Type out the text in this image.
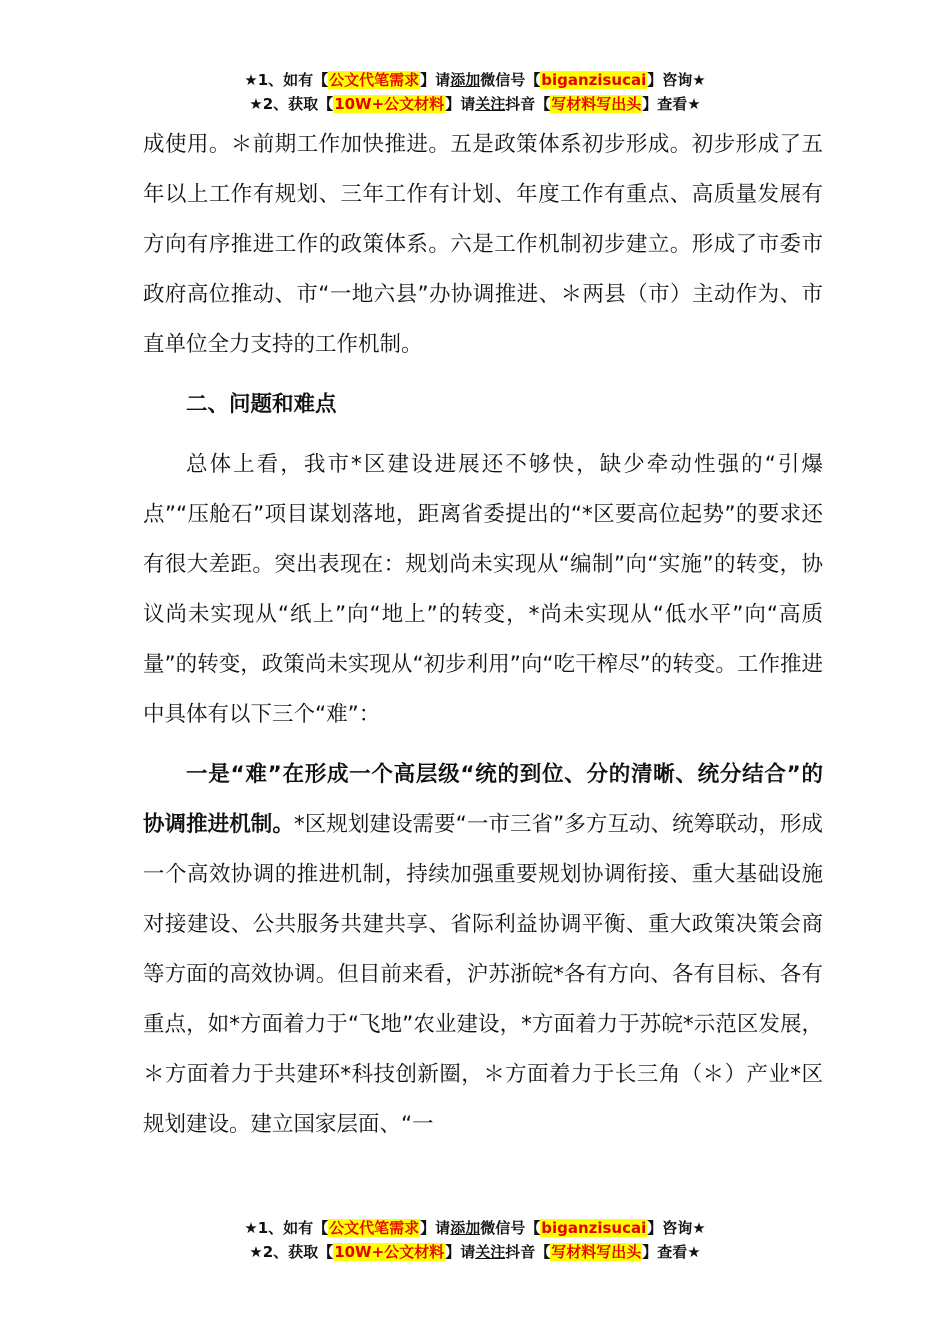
★1、如有【公文代笔需求】请添加微信号【biganzisucai】咨询★
★2、获取【10W+公文材料】请关注抖音【写材料写出头】查看★

成使用。＊前期工作加快推进。五是政策体系初步形成。初步形成了五年以上工作有规划、三年工作有计划、年度工作有重点、高质量发展有方向有序推进工作的政策体系。六是工作机制初步建立。形成了市委市政府高位推动、市“一地六县”办协调推进、＊两县（市）主动作为、市直单位全力支持的工作机制。

二、问题和难点

总体上看，我市*区建设进展还不够快，缺少牵动性强的“引爆点”“压舱石”项目谋划落地，距离省委提出的“*区要高位起势”的要求还有很大差距。突出表现在：规划尚未实现从“编制”向“实施”的转变，协议尚未实现从“纸上”向“地上”的转变，*尚未实现从“低水平”向“高质量”的转变，政策尚未实现从“初步利用”向“吃干榨尽”的转变。工作推进中具体有以下三个“难”：

一是“难”在形成一个高层级“统的到位、分的清晰、统分结合”的协调推进机制。*区规划建设需要“一市三省”多方互动、统筹联动，形成一个高效协调的推进机制，持续加强重要规划协调衔接、重大基础设施对接建设、公共服务共建共享、省际利益协调平衡、重大政策决策会商等方面的高效协调。但目前来看，沪苏浙皖*各有方向、各有目标、各有重点，如*方面着力于“飞地”农业建设，*方面着力于苏皖*示范区发展，＊方面着力于共建环*科技创新圈，＊方面着力于长三角（＊）产业*区规划建设。建立国家层面、“一

★1、如有【公文代笔需求】请添加微信号【biganzisucai】咨询★
★2、获取【10W+公文材料】请关注抖音【写材料写出头】查看★
